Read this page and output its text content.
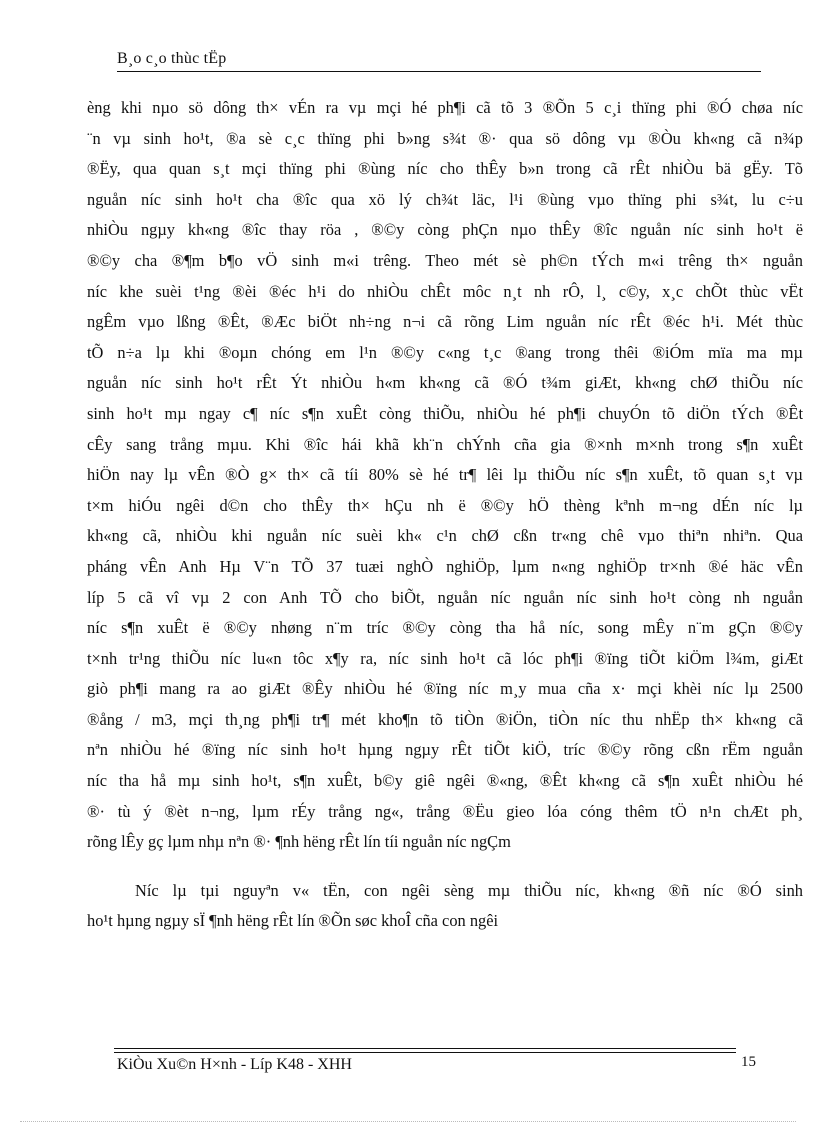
B¸o c¸o thùc tËp
èng khi nµo sö dông th× vÉn ra vµ mçi hé ph¶i cã tõ 3 ®Õn 5 c¸i thïng phi ®Ó chøa níc
¨n vµ sinh ho¹t, ®a sè c¸c thïng phi b»ng s¾t ®· qua sö dông vµ ®Òu kh«ng cã n¾p
®Ëy, qua quan s¸t mçi thïng phi ®ùng níc cho thÊy b»n trong cã rÊt nhiÒu bä gËy. Tõ
nguån níc sinh ho¹t cha ®îc qua xö lý ch¾t läc, l¹i ®ùng vµo thïng phi s¾t, lu c÷u
nhiÒu ngµy kh«ng ®îc thay röa , ®©y còng phÇn nµo thÊy ®îc nguån níc sinh ho¹t ë
®©y cha ®¶m b¶o vÖ sinh m«i trêng. Theo mét sè ph©n tÝch m«i trêng th× nguån
níc khe suèi t¹ng ®èi ®éc h¹i do nhiÒu chÊt môc n¸t nh rÔ, l¸ c©y, x¸c chÕt thùc vËt
ngÊm vµo lßng ®Êt, ®Æc biÖt nh÷ng n¬i cã rõng Lim nguån níc rÊt ®éc h¹i. Mét thùc
tÕ n÷a lµ khi ®oµn chóng em l¹n ®©y c«ng t¸c ®ang trong thêi ®iÓm mïa ma mµ
nguån níc sinh ho¹t rÊt Ýt nhiÒu h«m kh«ng cã ®Ó t¾m giÆt, kh«ng chØ thiÕu níc
sinh ho¹t mµ ngay c¶ níc s¶n xuÊt còng thiÕu, nhiÒu hé ph¶i chuyÓn tõ diÖn tÝch ®Êt
cÊy sang trång mµu. Khi ®îc hái khã kh¨n chÝnh cña gia ®×nh m×nh trong s¶n xuÊt
hiÖn nay lµ vÊn ®Ò g× th× cã tíi 80% sè hé tr¶ lêi lµ thiÕu níc s¶n xuÊt, tõ quan s¸t vµ
t×m hiÓu ngêi d©n cho thÊy th× hÇu nh ë ®©y hÖ thèng kªnh m¬ng dÉn níc lµ
kh«ng cã, nhiÒu khi nguån níc suèi kh« c¹n chØ cßn tr«ng chê vµo thiªn nhiªn. Qua
pháng vÊn Anh Hµ V¨n TÕ 37 tuæi nghÒ nghiÖp, lµm n«ng nghiÖp tr×nh ®é häc vÊn
líp 5 cã vî vµ 2 con Anh TÕ cho biÕt, nguån níc nguån níc sinh ho¹t còng nh nguån
níc s¶n xuÊt ë ®©y nhøng n¨m tríc ®©y còng tha hå níc, song mÊy n¨m gÇn ®©y
t×nh tr¹ng thiÕu níc lu«n tôc x¶y ra, níc sinh ho¹t cã lóc ph¶i ®ïng tiÕt kiÖm l¾m, giÆt
giò ph¶i mang ra ao giÆt ®Êy nhiÒu hé ®ïng níc m¸y mua cña x· mçi khèi níc lµ 2500
®ång / m3, mçi th¸ng ph¶i tr¶ mét kho¶n tõ tiÒn ®iÖn, tiÒn níc thu nhËp th× kh«ng cã
nªn nhiÒu hé ®ïng níc sinh ho¹t hµng ngµy rÊt tiÕt kiÖ, tríc ®©y rõng cßn rËm nguån
níc tha hå mµ sinh ho¹t, s¶n xuÊt, b©y giê ngêi ®«ng, ®Êt kh«ng cã s¶n xuÊt nhiÒu hé
®· tù ý ®èt n¬ng, lµm rÉy trång ng«, trång ®Ëu gieo lóa cóng thêm tÖ n¹n chÆt ph¸
rõng lÊy gç lµm nhµ nªn ®· ¶nh hëng rÊt lín tíi nguån níc ngÇm
Níc lµ tµi nguyªn v« tËn, con ngêi sèng mµ thiÕu níc, kh«ng ®ñ níc ®Ó sinh
ho¹t hµng ngµy sÏ ¶nh hëng rÊt lín ®Õn søc khoÎ cña con ngêi
KiÒu Xu©n H×nh - Líp K48 - XHH	15
